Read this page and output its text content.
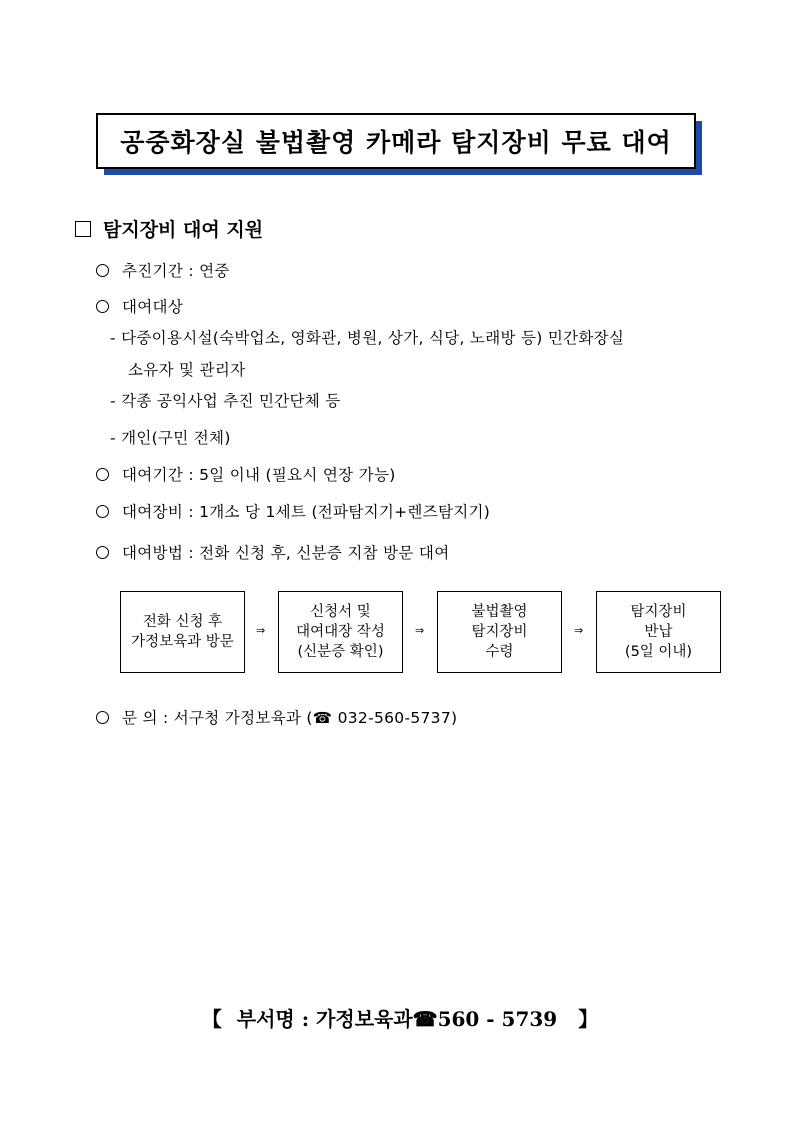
공중화장실 불법촬영 카메라 탐지장비 무료 대여
탐지장비 대여 지원
추진기간 : 연중
대여대상
- 다중이용시설(숙박업소, 영화관, 병원, 상가, 식당, 노래방 등) 민간화장실
소유자 및 관리자
- 각종 공익사업 추진 민간단체 등
- 개인(구민 전체)
대여기간 : 5일 이내 (필요시 연장 가능)
대여장비 : 1개소 당 1세트 (전파탐지기+렌즈탐지기)
대여방법 : 전화 신청 후, 신분증 지참 방문 대여
전화 신청 후
가정보육과 방문
⇒
신청서 및
대여대장 작성
(신분증 확인)
⇒
불법촬영
탐지장비
수령
⇒
탐지장비
반납
(5일 이내)
문 의 : 서구청 가정보육과 (☎ 032-560-5737)
【 부서명 : 가정보육과☎560 - 5739 】
